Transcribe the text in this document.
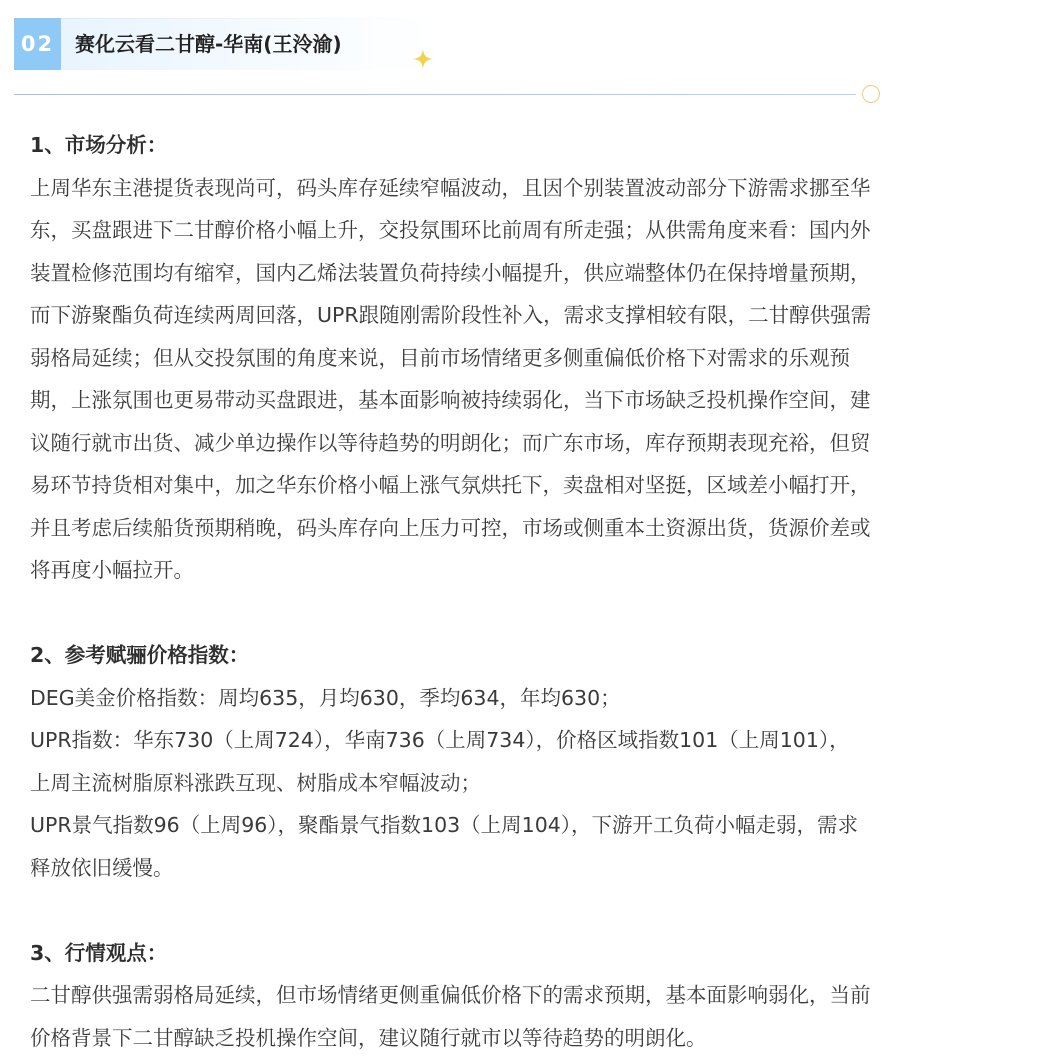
02	赛化云看二甘醇-华南(王泠渝)

1、市场分析：

上周华东主港提货表现尚可，码头库存延续窄幅波动，且因个别装置波动部分下游需求挪至华

东，买盘跟进下二甘醇价格小幅上升，交投氛围环比前周有所走强；从供需角度来看：国内外

装置检修范围均有缩窄，国内乙烯法装置负荷持续小幅提升，供应端整体仍在保持增量预期，

而下游聚酯负荷连续两周回落，UPR跟随刚需阶段性补入，需求支撑相较有限，二甘醇供强需

弱格局延续；但从交投氛围的角度来说，目前市场情绪更多侧重偏低价格下对需求的乐观预

期，上涨氛围也更易带动买盘跟进，基本面影响被持续弱化，当下市场缺乏投机操作空间，建

议随行就市出货、减少单边操作以等待趋势的明朗化；而广东市场，库存预期表现充裕，但贸

易环节持货相对集中，加之华东价格小幅上涨气氛烘托下，卖盘相对坚挺，区域差小幅打开，

并且考虑后续船货预期稍晚，码头库存向上压力可控，市场或侧重本土资源出货，货源价差或

将再度小幅拉开。

2、参考赋骊价格指数：

DEG美金价格指数：周均635，月均630，季均634，年均630；

UPR指数：华东730（上周724），华南736（上周734），价格区域指数101（上周101），

上周主流树脂原料涨跌互现、树脂成本窄幅波动；

UPR景气指数96（上周96），聚酯景气指数103（上周104），下游开工负荷小幅走弱，需求

释放依旧缓慢。

3、行情观点：

二甘醇供强需弱格局延续，但市场情绪更侧重偏低价格下的需求预期，基本面影响弱化，当前

价格背景下二甘醇缺乏投机操作空间，建议随行就市以等待趋势的明朗化。
